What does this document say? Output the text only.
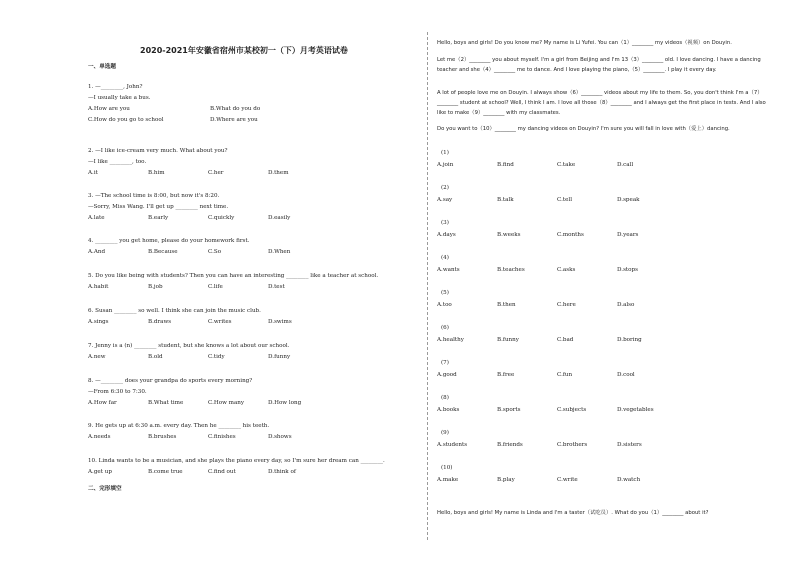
2020-2021年安徽省宿州市某校初一（下）月考英语试卷
一、单选题
1. —________, John?
—I usually take a bus.
A.How are you	B.What do you do
C.How do you go to school	D.Where are you
2. —I like ice-cream very much. What about you?
—I like ________, too.
A.it	B.him	C.her	D.them
3. —The school time is 8:00, but now it's 8:20.
—Sorry, Miss Wang. I'll get up ________ next time.
A.late	B.early	C.quickly	D.easily
4. ________ you get home, please do your homework first.
A.And	B.Because	C.So	D.When
5. Do you like being with students? Then you can have an interesting ________ like a teacher at school.
A.habit	B.job	C.life	D.test
6. Susan ________ so well. I think she can join the music club.
A.sings	B.draws	C.writes	D.swims
7. Jenny is a (n) ________ student, but she knows a lot about our school.
A.new	B.old	C.tidy	D.funny
8. —________ does your grandpa do sports every morning?
—From 6:30 to 7:30.
A.How far	B.What time	C.How many	D.How long
9. He gets up at 6:30 a.m. every day. Then he ________ his teeth.
A.needs	B.brushes	C.finishes	D.shows
10. Linda wants to be a musician, and she plays the piano every day, so I'm sure her dream can ________.
A.get up	B.come true	C.find out	D.think of
二、完形填空
Hello, boys and girls! Do you know me? My name is Li Yufei. You can（1）________ my videos（视频）on Douyin.
Let me（2）________ you about myself. I'm a girl from Beijing and I'm 13（3）________ old. I love dancing. I have a dancing teacher and she（4）________ me to dance. And I love playing the piano,（5）________. I play it every day.
A lot of people love me on Douyin. I always show（6）________ videos about my life to them. So, you don't think I'm a（7）________ student at school? Well, I think I am. I love all those（8）________ and I always get the first place in tests. And I also like to make（9）________ with my classmates.
Do you want to（10）________ my dancing videos on Douyin? I'm sure you will fall in love with（爱上）dancing.
(1)
A.join	B.find	C.take	D.call
(2)
A.say	B.talk	C.tell	D.speak
(3)
A.days	B.weeks	C.months	D.years
(4)
A.wants	B.teaches	C.asks	D.stops
(5)
A.too	B.then	C.here	D.also
(6)
A.healthy	B.funny	C.bad	D.boring
(7)
A.good	B.free	C.fun	D.cool
(8)
A.books	B.sports	C.subjects	D.vegetables
(9)
A.students	B.friends	C.brothers	D.sisters
(10)
A.make	B.play	C.write	D.watch
Hello, boys and girls! My name is Linda and I'm a taster（试吃员）. What do you（1）________ about it?
